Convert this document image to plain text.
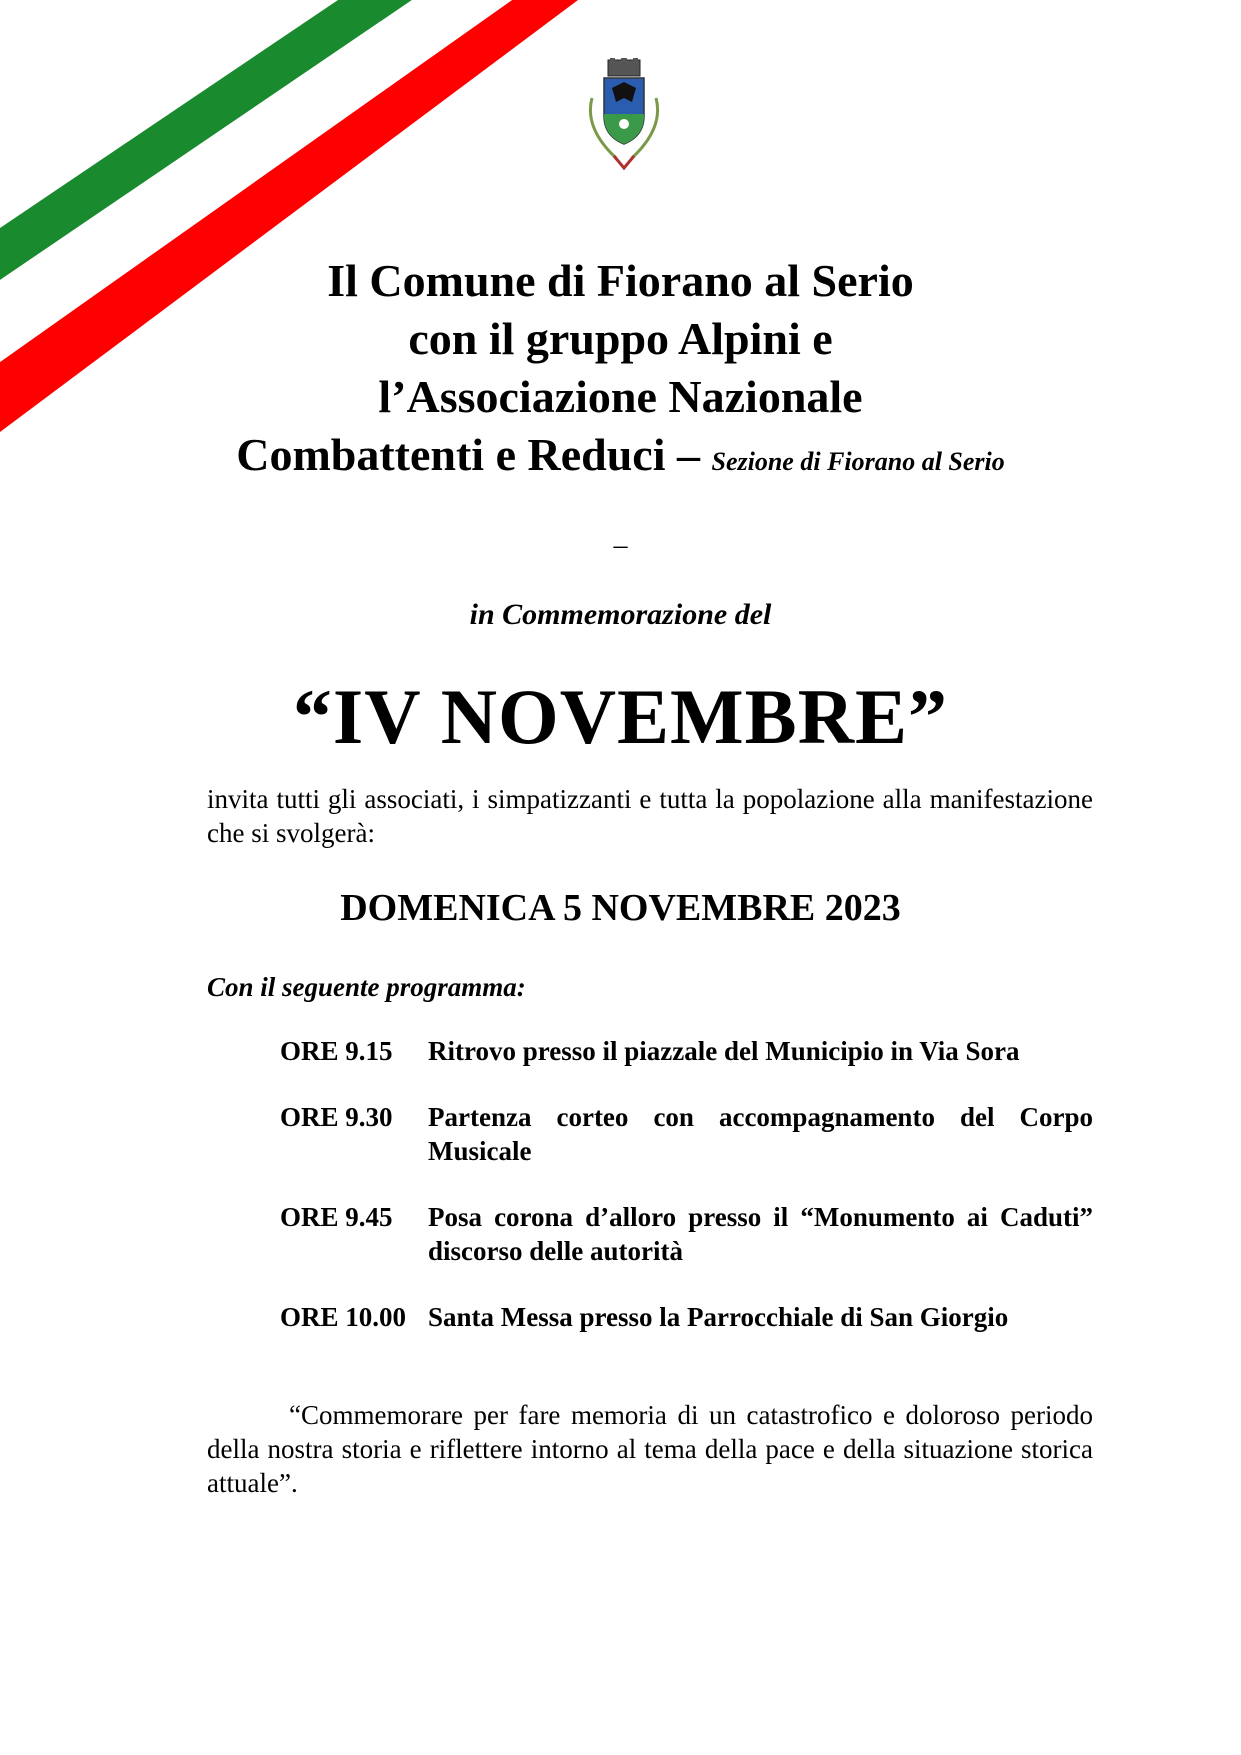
Il Comune di Fiorano al Serio
con il gruppo Alpini e
l’Associazione Nazionale
Combattenti e Reduci – Sezione di Fiorano al Serio
–
in Commemorazione del
“IV NOVEMBRE”
invita tutti gli associati, i simpatizzanti e tutta la popolazione alla manifestazione che si svolgerà:
DOMENICA 5 NOVEMBRE 2023
Con il seguente programma:
ORE 9.15	Ritrovo presso il piazzale del Municipio in Via Sora
ORE 9.30	Partenza corteo con accompagnamento del Corpo Musicale
ORE 9.45	Posa corona d’alloro presso il “Monumento ai Caduti” discorso delle autorità
ORE 10.00 Santa Messa presso la Parrocchiale di San Giorgio
“Commemorare per fare memoria di un catastrofico e doloroso periodo della nostra storia e riflettere intorno al tema della pace e della situazione storica attuale”.
